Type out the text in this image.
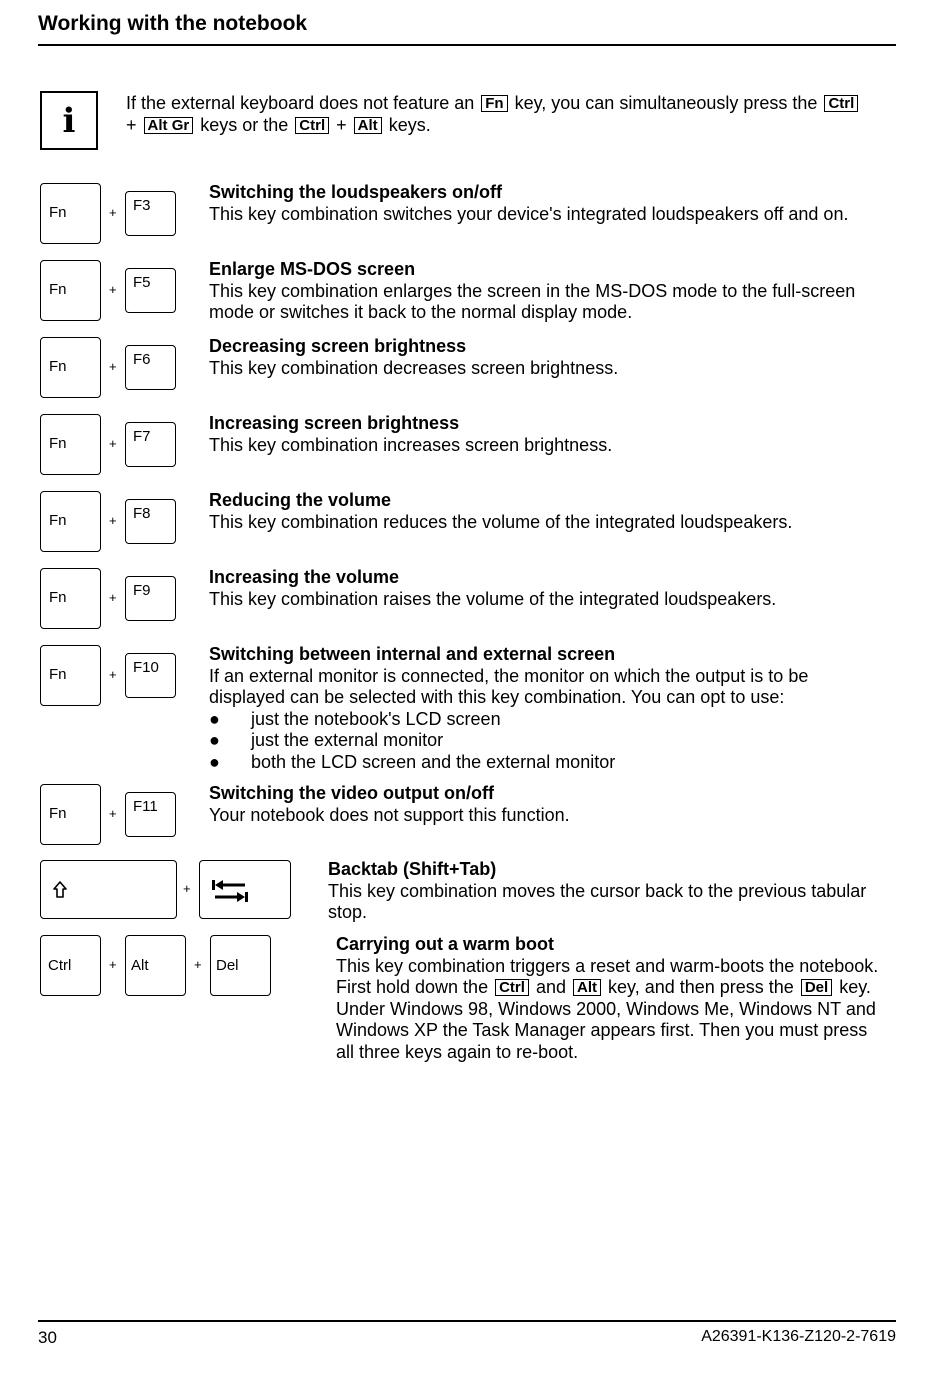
Working with the notebook
i	If the external keyboard does not feature an Fn key, you can simultaneously press the Ctrl + Alt Gr keys or the Ctrl + Alt keys.
Fn	+ F3
Switching the loudspeakers on/off
This key combination switches your device's integrated loudspeakers off and on.
Fn	+ F5
Enlarge MS-DOS screen
This key combination enlarges the screen in the MS-DOS mode to the full-screen mode or switches it back to the normal display mode.
Fn	+ F6
Decreasing screen brightness
This key combination decreases screen brightness.
Fn	+ F7
Increasing screen brightness
This key combination increases screen brightness.
Fn	+ F8
Reducing the volume
This key combination reduces the volume of the integrated loudspeakers.
Fn	+ F9
Increasing the volume
This key combination raises the volume of the integrated loudspeakers.
Fn	+ F10
Switching between internal and external screen
If an external monitor is connected, the monitor on which the output is to be displayed can be selected with this key combination. You can opt to use:
● just the notebook's LCD screen
● just the external monitor
● both the LCD screen and the external monitor
Fn	+ F11
Switching the video output on/off
Your notebook does not support this function.
+
Backtab (Shift+Tab)
This key combination moves the cursor back to the previous tabular stop.
Ctrl	+ Alt	+ Del
Carrying out a warm boot
This key combination triggers a reset and warm-boots the notebook. First hold down the Ctrl and Alt key, and then press the Del key. Under Windows 98, Windows 2000, Windows Me, Windows NT and Windows XP the Task Manager appears first. Then you must press all three keys again to re-boot.
30	A26391-K136-Z120-2-7619
